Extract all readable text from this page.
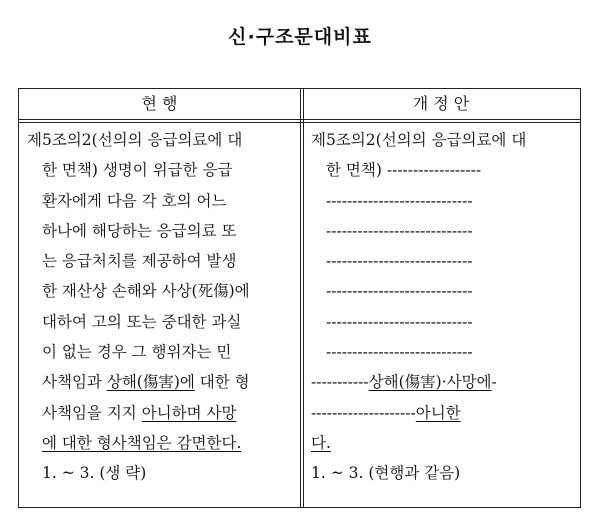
신·구조문대비표
현 행	개 정 안
제5조의2(선의의 응급의료에 대
한 면책) 생명이 위급한 응급
환자에게 다음 각 호의 어느
하나에 해당하는 응급의료 또
는 응급처치를 제공하여 발생
한 재산상 손해와 사상(死傷)에
대하여 고의 또는 중대한 과실
이 없는 경우 그 행위자는 민
사책임과 상해(傷害)에 대한 형
사책임을 지지 아니하며 사망
에 대한 형사책임은 감면한다.
1. ~ 3. (생 략)
제5조의2(선의의 응급의료에 대
한 면책) ------------------
----------------------------
----------------------------
----------------------------
----------------------------
----------------------------
----------------------------
-----------상해(傷害)·사망에-
--------------------아니한
다.
1. ~ 3. (현행과 같음)
